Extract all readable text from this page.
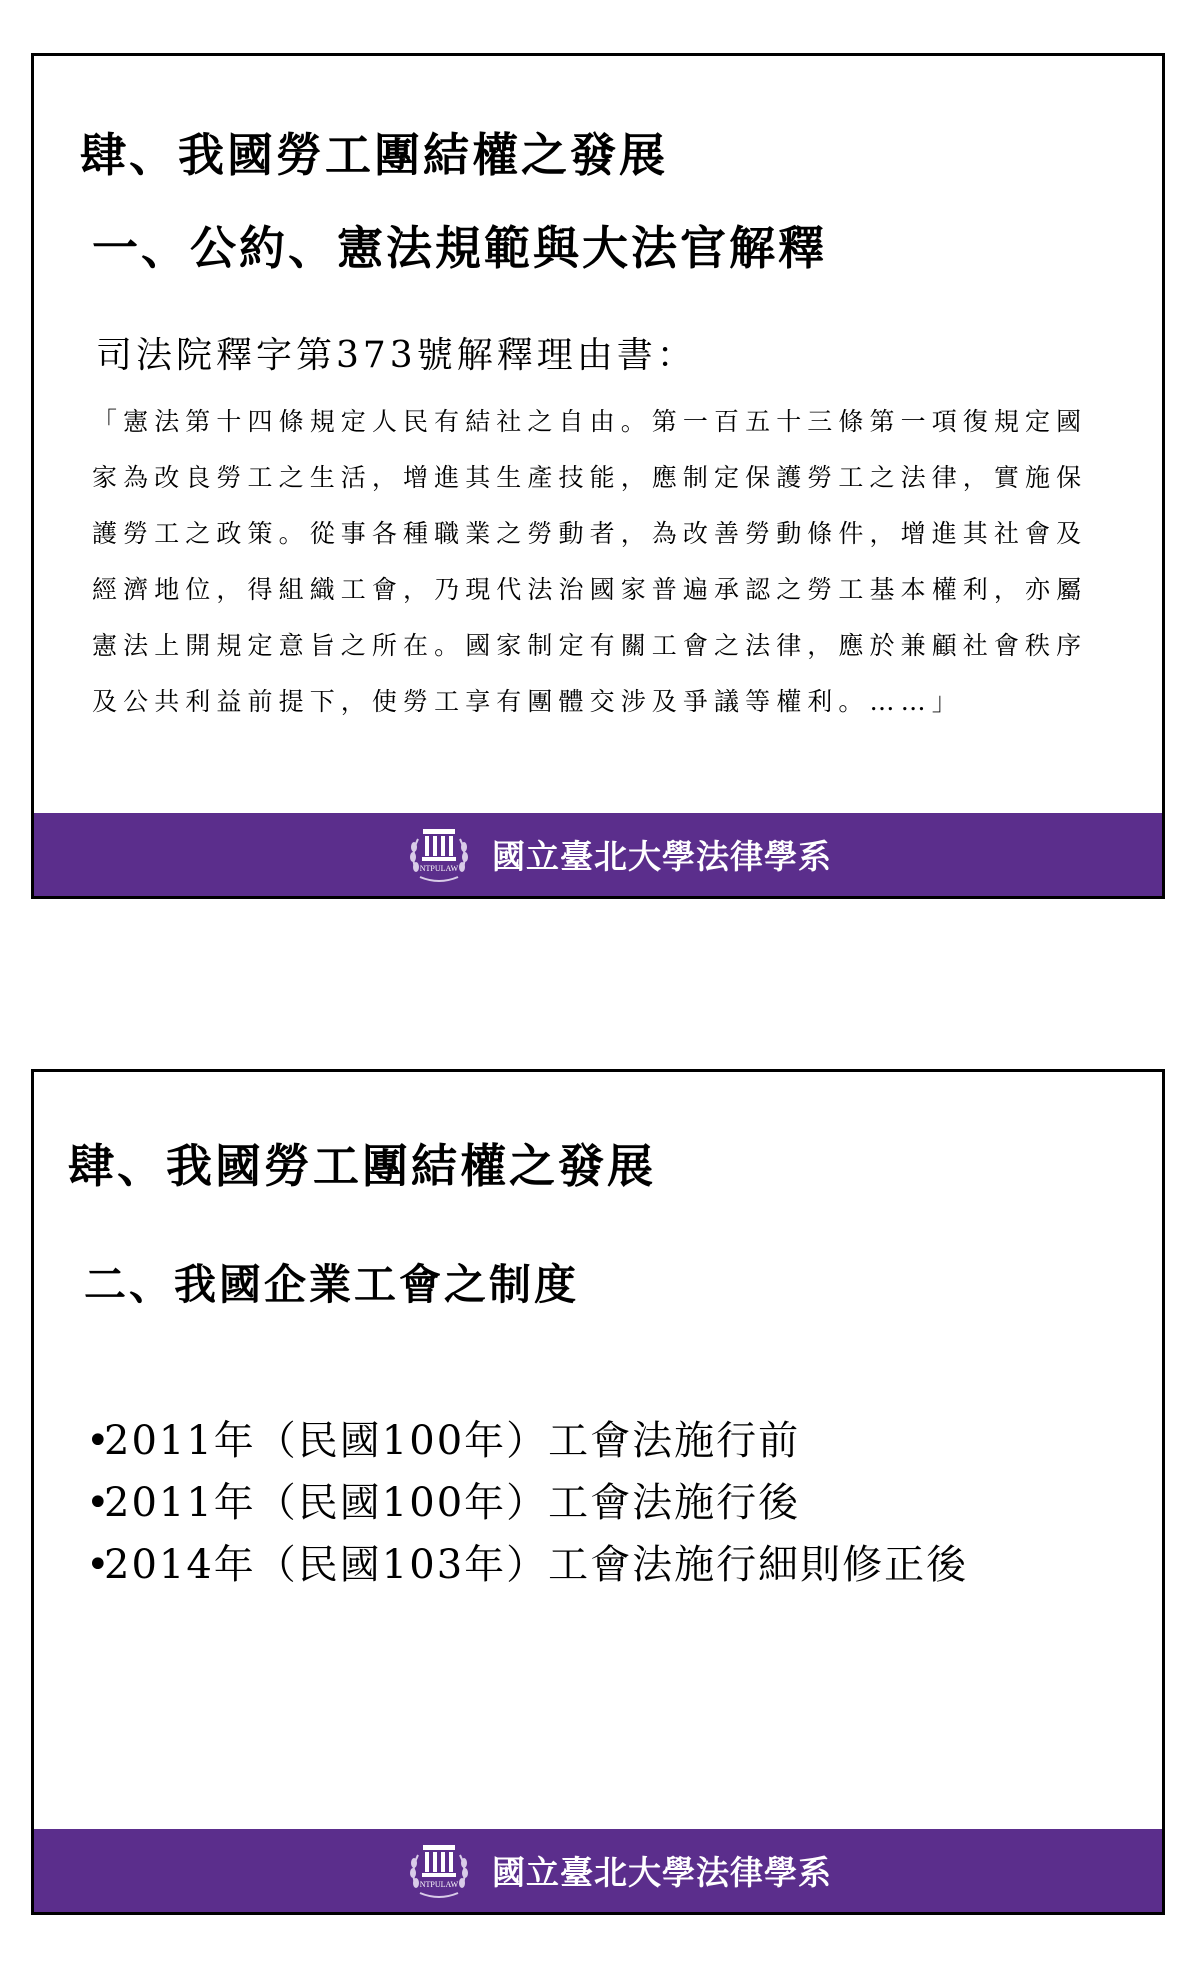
肆、我國勞工團結權之發展
一、公約、憲法規範與大法官解釋
司法院釋字第373號解釋理由書：

「憲法第十四條規定人民有結社之自由。第一百五十三條第一項復規定國
家為改良勞工之生活，增進其生產技能，應制定保護勞工之法律，實施保
護勞工之政策。從事各種職業之勞動者，為改善勞動條件，增進其社會及
經濟地位，得組織工會，乃現代法治國家普遍承認之勞工基本權利，亦屬
憲法上開規定意旨之所在。國家制定有關工會之法律，應於兼顧社會秩序
及公共利益前提下，使勞工享有團體交涉及爭議等權利。……」

NTPULAW 國立臺北大學法律學系
肆、我國勞工團結權之發展
二、我國企業工會之制度
•2011年（民國100年）工會法施行前
•2011年（民國100年）工會法施行後
•2014年（民國103年）工會法施行細則修正後
NTPULAW 國立臺北大學法律學系
